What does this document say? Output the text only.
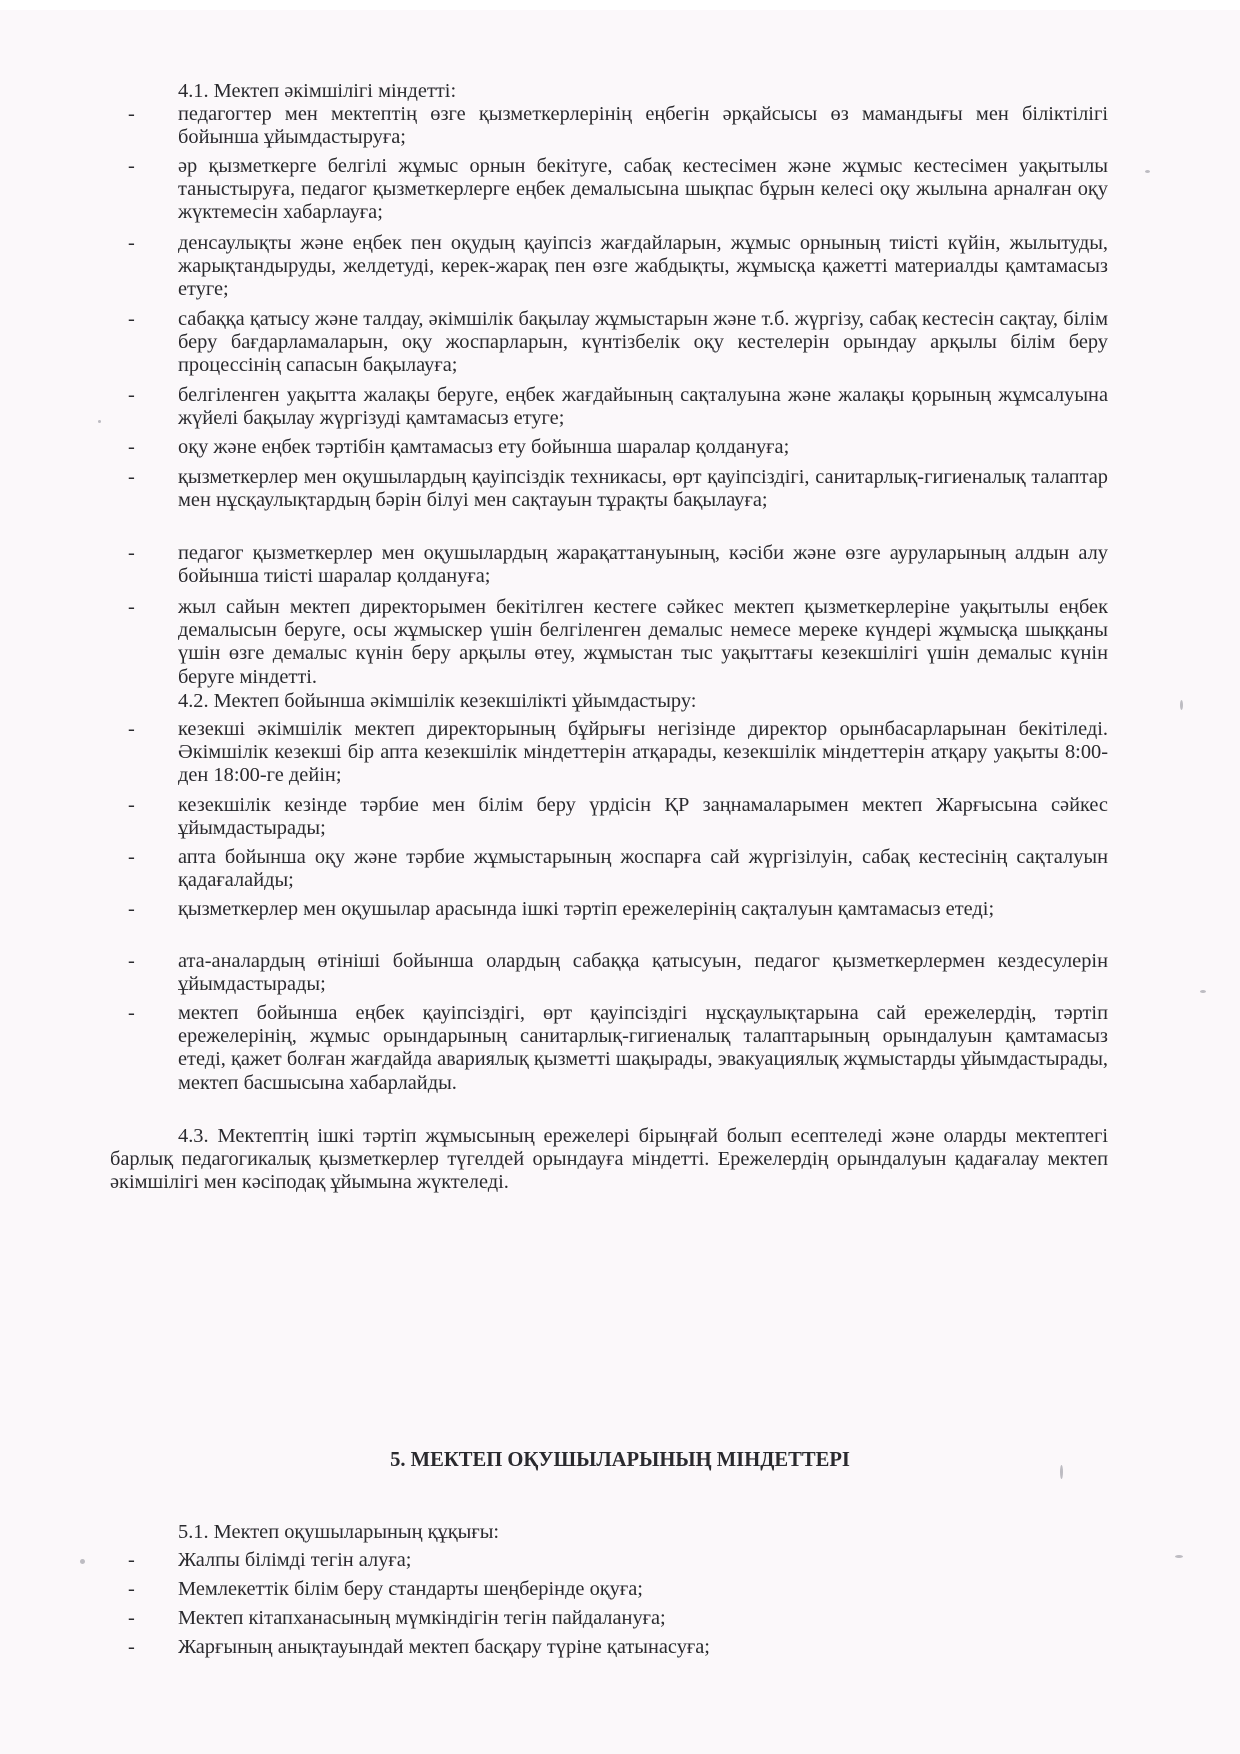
4.1. Мектеп әкімшілігі міндетті:
- педагогтер мен мектептің өзге қызметкерлерінің еңбегін әрқайсысы өз мамандығы мен біліктілігі бойынша ұйымдастыруға;
- әр қызметкерге белгілі жұмыс орнын бекітуге, сабақ кестесімен және жұмыс кестесімен уақытылы таныстыруға, педагог қызметкерлерге еңбек демалысына шықпас бұрын келесі оқу жылына арналған оқу жүктемесін хабарлауға;
- денсаулықты және еңбек пен оқудың қауіпсіз жағдайларын, жұмыс орнының тиісті күйін, жылытуды, жарықтандыруды, желдетуді, керек-жарақ пен өзге жабдықты, жұмысқа қажетті материалды қамтамасыз етуге;
- сабаққа қатысу және талдау, әкімшілік бақылау жұмыстарын және т.б. жүргізу, сабақ кестесін сақтау, білім беру бағдарламаларын, оқу жоспарларын, күнтізбелік оқу кестелерін орындау арқылы білім беру процессінің сапасын бақылауға;
- белгіленген уақытта жалақы беруге, еңбек жағдайының сақталуына және жалақы қорының жұмсалуына жүйелі бақылау жүргізуді қамтамасыз етуге;
- оқу және еңбек тәртібін қамтамасыз ету бойынша шаралар қолдануға;
- қызметкерлер мен оқушылардың қауіпсіздік техникасы, өрт қауіпсіздігі, санитарлық-гигиеналық талаптар мен нұсқаулықтардың бәрін білуі мен сақтауын тұрақты бақылауға;
- педагог қызметкерлер мен оқушылардың жарақаттануының, кәсіби және өзге ауруларының алдын алу бойынша тиісті шаралар қолдануға;
- жыл сайын мектеп директорымен бекітілген кестеге сәйкес мектеп қызметкерлеріне уақытылы еңбек демалысын беруге, осы жұмыскер үшін белгіленген демалыс немесе мереке күндері жұмысқа шыққаны үшін өзге демалыс күнін беру арқылы өтеу, жұмыстан тыс уақыттағы кезекшілігі үшін демалыс күнін беруге міндетті.
4.2. Мектеп бойынша әкімшілік кезекшілікті ұйымдастыру:
- кезекші әкімшілік мектеп директорының бұйрығы негізінде директор орынбасарларынан бекітіледі. Әкімшілік кезекші бір апта кезекшілік міндеттерін атқарады, кезекшілік міндеттерін атқару уақыты 8:00-ден 18:00-ге дейін;
- кезекшілік кезінде тәрбие мен білім беру үрдісін ҚР заңнамаларымен мектеп Жарғысына сәйкес ұйымдастырады;
- апта бойынша оқу және тәрбие жұмыстарының жоспарға сай жүргізілуін, сабақ кестесінің сақталуын қадағалайды;
- қызметкерлер мен оқушылар арасында ішкі тәртіп ережелерінің сақталуын қамтамасыз етеді;
- ата-аналардың өтініші бойынша олардың сабаққа қатысуын, педагог қызметкерлермен кездесулерін ұйымдастырады;
- мектеп бойынша еңбек қауіпсіздігі, өрт қауіпсіздігі нұсқаулықтарына сай ережелердің, тәртіп ережелерінің, жұмыс орындарының санитарлық-гигиеналық талаптарының орындалуын қамтамасыз етеді, қажет болған жағдайда авариялық қызметті шақырады, эвакуациялық жұмыстарды ұйымдастырады, мектеп басшысына хабарлайды.
4.3. Мектептің ішкі тәртіп жұмысының ережелері бірыңғай болып есептеледі және оларды мектептегі барлық педагогикалық қызметкерлер түгелдей орындауға міндетті. Ережелердің орындалуын қадағалау мектеп әкімшілігі мен кәсіподақ ұйымына жүктеледі.
5. МЕКТЕП ОҚУШЫЛАРЫНЫҢ МІНДЕТТЕРІ
5.1. Мектеп оқушыларының құқығы:
- Жалпы білімді тегін алуға;
- Мемлекеттік білім беру стандарты шеңберінде оқуға;
- Мектеп кітапханасының мүмкіндігін тегін пайдалануға;
- Жарғының анықтауындай мектеп басқару түріне қатынасуға;
